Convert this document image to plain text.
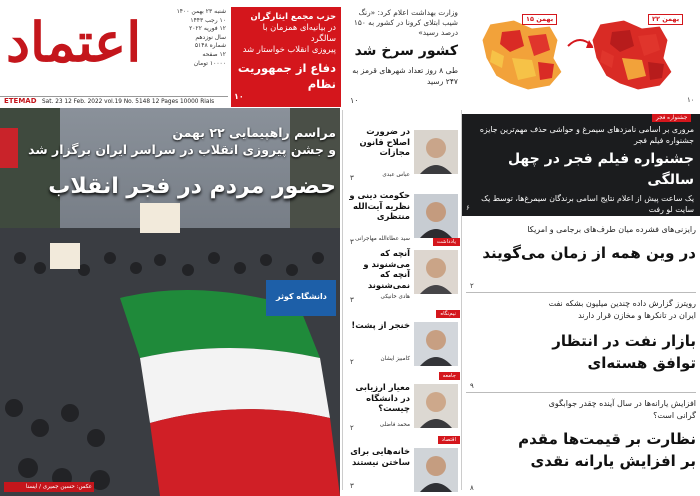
اعتماد	شنبه ۲۳ بهمن ۱۴۰۰
۱۰ رجب ۱۴۴۳
۱۲ فوریه ۲۰۲۲
سال نوزدهم
شماره ۵۱۴۸
۱۲ صفحه
۱۰۰۰۰ تومان
Sat. 23 12 Feb. 2022 vol.19 No. 5148 12 Pages 10000 Rials
ETEMAD
حزب مجمع ایثارگران
در بیانیه‌ای همزمان با سالگرد
پیروزی انقلاب خواستار شد
دفاع از جمهوریت نظام
۱۰
وزارت بهداشت اعلام کرد: «رنگ شیب ابتلای کرونا در کشور به ۱۵۰ درصد رسید»
کشور سرخ شد
طی ۸ روز تعداد شهرهای قرمز به ۲۴۷ رسید
۱۰
۱۵ بهمن	۲۲ بهمن
۱۰
دانشگاه کوثر
مراسم راهپیمایی ۲۲ بهمن
و جشن پیروزی انقلاب در سراسر ایران برگزار شد
حضور مردم در فجر انقلاب
عکس: حسین جمیری / ایسنا
در ضرورت اصلاح قانون مجازات
عباس عبدی
۳
حکومت دینی و نظریه آیت‌الله منتظری
سید عطاءالله مهاجرانی
۳	یادداشت
آنچه که می‌شنوند و آنچه که نمی‌شنوند
هادی خانیکی
۳
نیم‌نگاه
خنجر از پشت!
کامبیز ایشان
۲
جامعه
معیار ارزیابی در دانشگاه چیست؟
محمد فاضلی
۲
اقتصاد
خانه‌هایی برای ساختن نیستند
۳
مروری بر اسامی نامزدهای سیمرغ و حواشی حذف مهم‌ترین جایزه جشنواره فیلم فجر
جشنواره فیلم فجر در چهل سالگی
یک ساعت پیش از اعلام نتایج اسامی برندگان سیمرغ‌ها، توسط یک سایت لو رفت
جشنواره فجر
۶
رایزنی‌های فشرده میان طرف‌های برجامی و امریکا
در وین همه از زمان می‌گویند
۲
رویترز گزارش داده چندین میلیون بشکه نفت ایران در تانکرها و مخازن قرار دارند
بازار نفت در انتظار توافق هسته‌ای
۹
افزایش یارانه‌ها در سال آینده چقدر جوابگوی گرانی است؟
نظارت بر قیمت‌ها مقدم بر افزایش یارانه نقدی
۸
